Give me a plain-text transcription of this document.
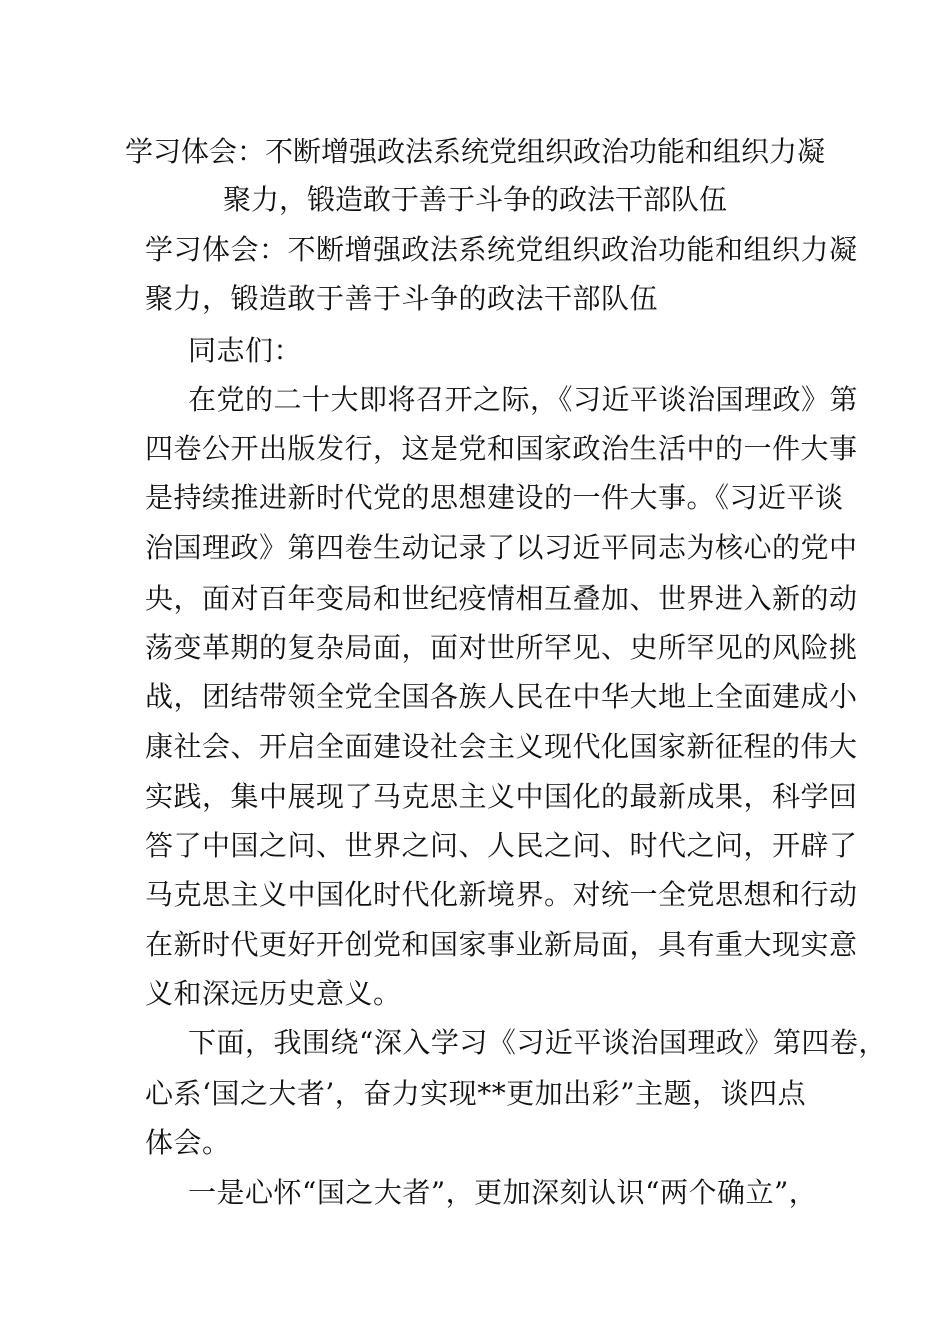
学习体会：不断增强政法系统党组织政治功能和组织力凝
聚力，锻造敢于善于斗争的政法干部队伍
学习体会：不断增强政法系统党组织政治功能和组织力凝
聚力，锻造敢于善于斗争的政法干部队伍
同志们：
在党的二十大即将召开之际，《习近平谈治国理政》第
四卷公开出版发行，这是党和国家政治生活中的一件大事
是持续推进新时代党的思想建设的一件大事。《习近平谈
治国理政》第四卷生动记录了以习近平同志为核心的党中
央，面对百年变局和世纪疫情相互叠加、世界进入新的动
荡变革期的复杂局面，面对世所罕见、史所罕见的风险挑
战，团结带领全党全国各族人民在中华大地上全面建成小
康社会、开启全面建设社会主义现代化国家新征程的伟大
实践，集中展现了马克思主义中国化的最新成果，科学回
答了中国之问、世界之问、人民之问、时代之问，开辟了
马克思主义中国化时代化新境界。对统一全党思想和行动
在新时代更好开创党和国家事业新局面，具有重大现实意
义和深远历史意义。
下面，我围绕“深入学习《习近平谈治国理政》第四卷，
心系‘国之大者’，奋力实现**更加出彩”主题，谈四点
体会。
一是心怀“国之大者”，更加深刻认识“两个确立”，
